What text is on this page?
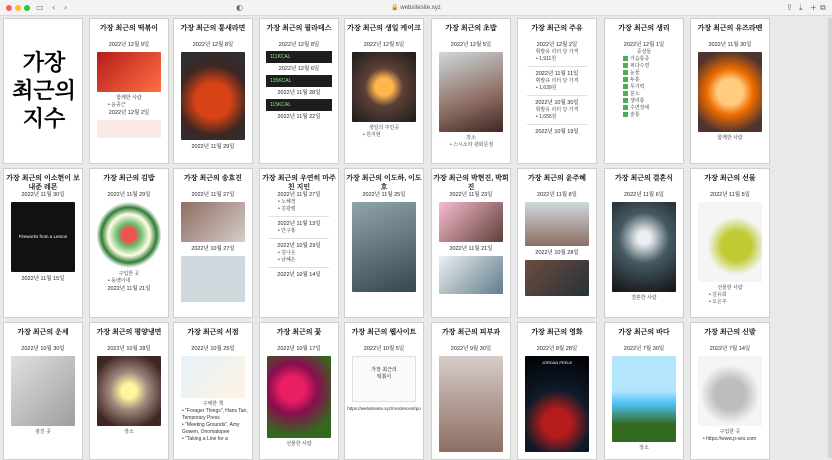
▭ ‹ ›	◐	🔒 websitesite.xyz	⇪ ⤓ + ⧉
가장
최근의
지수
가장 최근의 떡볶이
2022년 12월 9일
함께한 사람
• 윤종근
2022년 12월 2일
가장 최근의 통새라면
2022년 12월 8일
2022년 11월 29일
가장 최근의 필라테스
2022년 12월 8일
111KCAL
2022년 12월 6일
135KCAL
2022년 11월 28일
115KCAL
2022년 11월 22일
가장 최근의 생일 케이크
2022년 12월 5일
생일의 주인공
• 원지현
가장 최근의 초밥
2022년 12월 5일
장소
• 스시소라 광화문점
가장 최근의 주유
2022년 12월 2일
휘발유 리터 당 가격
• 1,911원
2022년 11월 11일
휘발유 리터 당 가격
• 1,639원
2022년 10월 30일
휘발유 리터 당 가격
• 1,655원
2022년 10월 19일
가장 최근의 생리
2022년 12월 1일
증상들
가슴통증
피다수면
눈물
두통
무기력
분노
생리통
수면장애
술통
가장 최근의 유즈라멘
2022년 11월 30일
함께한 사람
가장 최근의 이소현이 보내준 레몬
2022년 11월 30일
Fireworks from a Lemon
2022년 11월 15일
가장 최근의 김밥
2022년 11월 29일
구입한 곳
• 동백이네
2022년 11월 21일
가장 최근의 송효진
2022년 11월 27일
2022년 10월 27일
가장 최근의 우연히 마주친 지인
2022년 11월 27일
• 노혜정
• 김광렬
2022년 11월 13일
• 안구홍
2022년 10월 29일
• 김나은
• 남혜은
2022년 10월 14일
가장 최근의 이도하, 이도호
2022년 11월 25일
가장 최근의 박현진, 박희진
2022년 11월 23일
2022년 11월 21일
가장 최근의 윤주혜
2022년 11월 8일
2022년 10월 28일
가장 최근의 결혼식
2022년 11월 6일
결혼한 사람
가장 최근의 선물
2022년 11월 5일
선물한 사람
• 김유희
• 오은주
가장 최근의 운세
2022년 10월 30일
점친 곳
가장 최근의 평양냉면
2022년 10월 28일
장소
가장 최근의 서점
2022년 10월 25일
구매한 책
• "Forager Things", Hans Tan, Temporary Press
• "Meeting Grounds", Amy Gowen, Onomatopee
• "Taking a Line for a
가장 최근의 꽃
2022년 10월 17일
선물한 사람
가장 최근의 웹사이트
2022년 10월 5일
가장 최근의 떡볶이
https://websitesite.xyz/mostrecent/pu
가장 최근의 피부과
2022년 9월 30일
가장 최근의 영화
2022년 8월 28일
JORDAN PEELE
가장 최근의 바다
2022년 7월 30일
장소
가장 최근의 신발
2022년 7월 14일
구입한 곳
• https://www.p-ses.com
